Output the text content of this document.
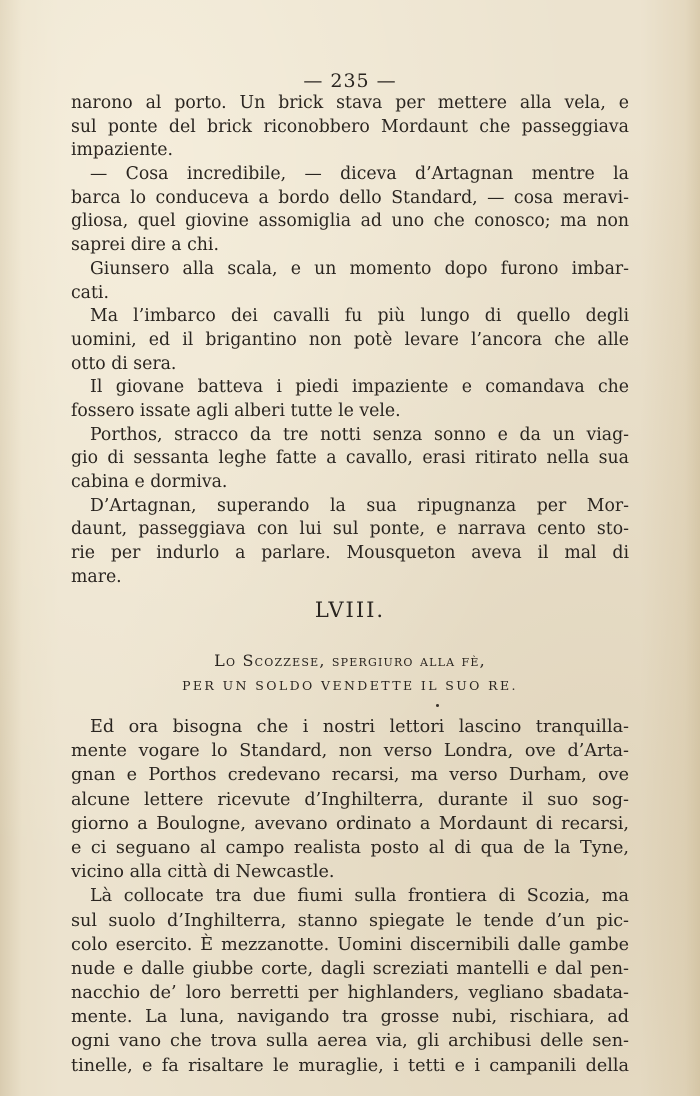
— 235 —
narono al porto. Un brick stava per mettere alla vela, e
sul ponte del brick riconobbero Mordaunt che passeggiava
impaziente.
— Cosa incredibile, — diceva d’Artagnan mentre la
barca lo conduceva a bordo dello Standard, — cosa meravi-
gliosa, quel giovine assomiglia ad uno che conosco; ma non
saprei dire a chi.
Giunsero alla scala, e un momento dopo furono imbar-
cati.
Ma l’imbarco dei cavalli fu più lungo di quello degli
uomini, ed il brigantino non potè levare l’ancora che alle
otto di sera.
Il giovane batteva i piedi impaziente e comandava che
fossero issate agli alberi tutte le vele.
Porthos, stracco da tre notti senza sonno e da un viag-
gio di sessanta leghe fatte a cavallo, erasi ritirato nella sua
cabina e dormiva.
D’Artagnan, superando la sua ripugnanza per Mor-
daunt, passeggiava con lui sul ponte, e narrava cento sto-
rie per indurlo a parlare. Mousqueton aveva il mal di
mare.
LVIII.
Lo Scozzese, spergiuro alla fè,
PER UN SOLDO VENDETTE IL SUO RE.
Ed ora bisogna che i nostri lettori lascino tranquilla-
mente vogare lo Standard, non verso Londra, ove d’Arta-
gnan e Porthos credevano recarsi, ma verso Durham, ove
alcune lettere ricevute d’Inghilterra, durante il suo sog-
giorno a Boulogne, avevano ordinato a Mordaunt di recarsi,
e ci seguano al campo realista posto al di qua de la Tyne,
vicino alla città di Newcastle.
Là collocate tra due fiumi sulla frontiera di Scozia, ma
sul suolo d’Inghilterra, stanno spiegate le tende d’un pic-
colo esercito. È mezzanotte. Uomini discernibili dalle gambe
nude e dalle giubbe corte, dagli screziati mantelli e dal pen-
nacchio de’ loro berretti per highlanders, vegliano sbadata-
mente. La luna, navigando tra grosse nubi, rischiara, ad
ogni vano che trova sulla aerea via, gli archibusi delle sen-
tinelle, e fa risaltare le muraglie, i tetti e i campanili della
